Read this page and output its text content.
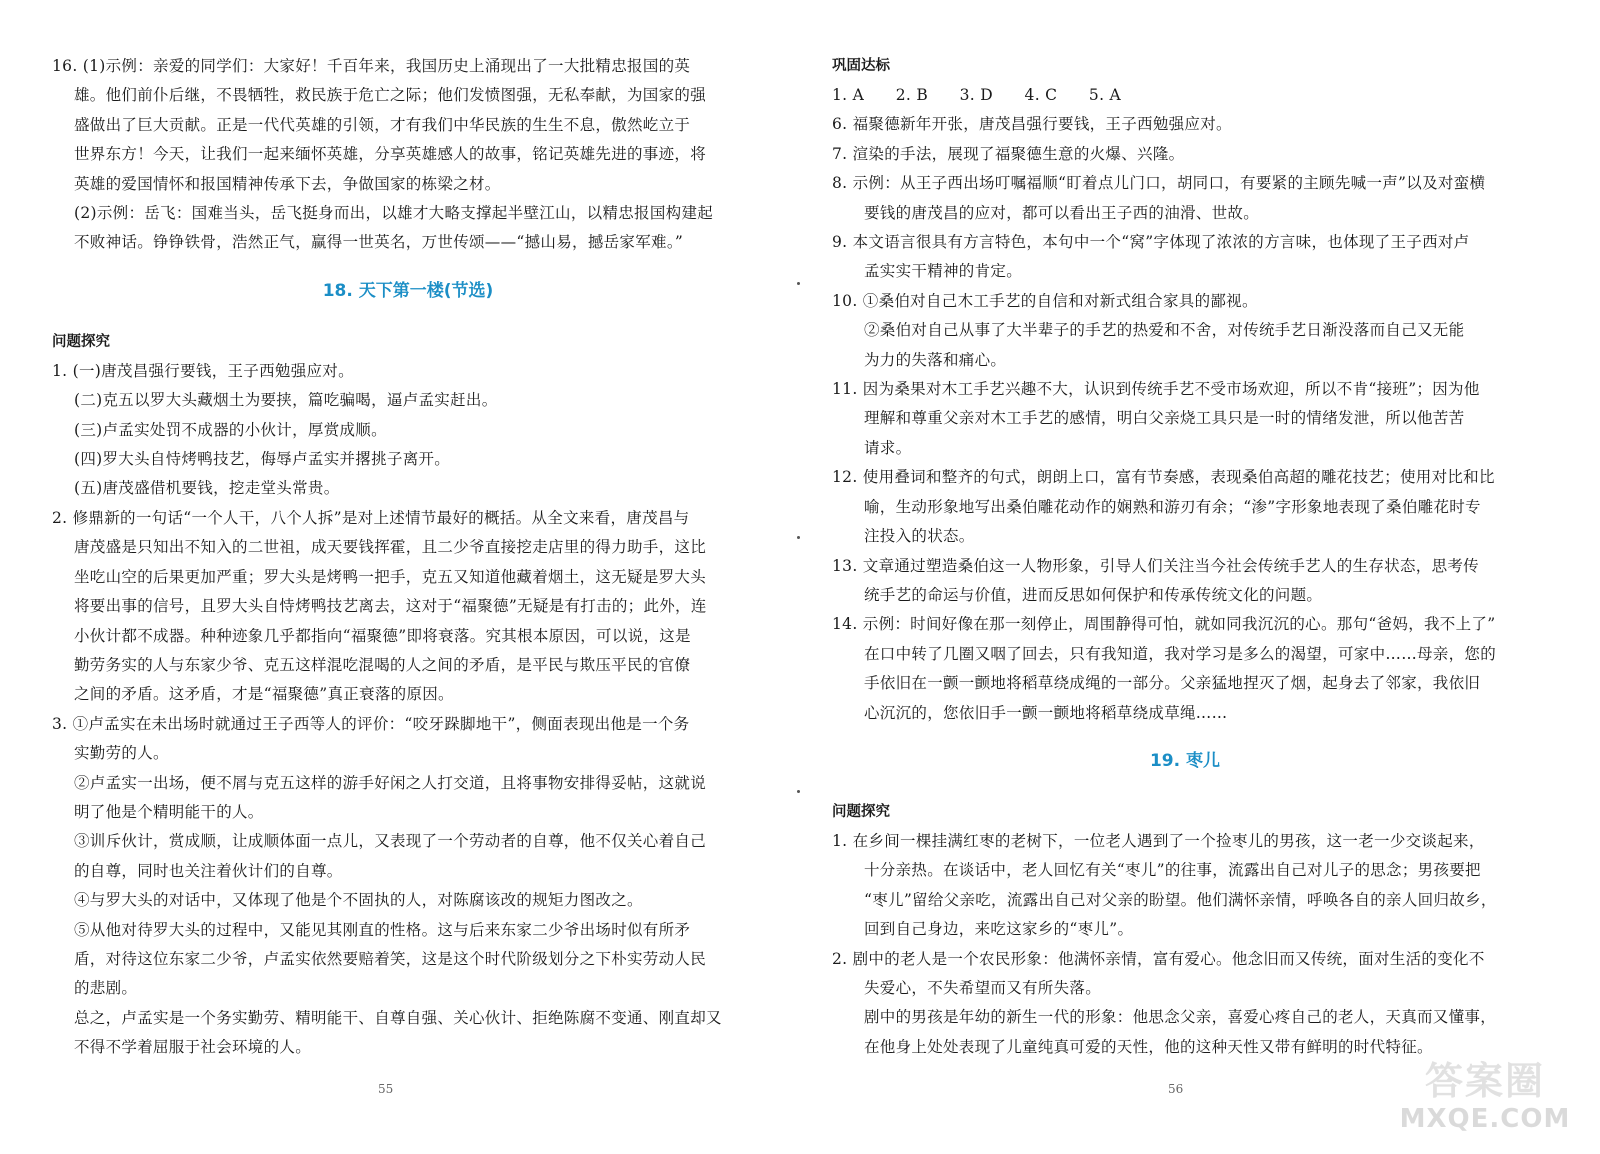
16. (1)示例：亲爱的同学们：大家好！千百年来，我国历史上涌现出了一大批精忠报国的英
雄。他们前仆后继，不畏牺牲，救民族于危亡之际；他们发愤图强，无私奉献，为国家的强
盛做出了巨大贡献。正是一代代英雄的引领，才有我们中华民族的生生不息，傲然屹立于
世界东方！今天，让我们一起来缅怀英雄，分享英雄感人的故事，铭记英雄先进的事迹，将
英雄的爱国情怀和报国精神传承下去，争做国家的栋梁之材。
(2)示例：岳飞：国难当头，岳飞挺身而出，以雄才大略支撑起半壁江山，以精忠报国构建起
不败神话。铮铮铁骨，浩然正气，赢得一世英名，万世传颂——“撼山易，撼岳家军难。”
18. 天下第一楼(节选)
问题探究
1. (一)唐茂昌强行要钱，王子西勉强应对。
(二)克五以罗大头藏烟土为要挟，篇吃骗喝，逼卢孟实赶出。
(三)卢孟实处罚不成器的小伙计，厚赏成顺。
(四)罗大头自恃烤鸭技艺，侮辱卢孟实并撂挑子离开。
(五)唐茂盛借机要钱，挖走堂头常贵。
2. 修鼎新的一句话“一个人干，八个人拆”是对上述情节最好的概括。从全文来看，唐茂昌与
唐茂盛是只知出不知入的二世祖，成天要钱挥霍，且二少爷直接挖走店里的得力助手，这比
坐吃山空的后果更加严重；罗大头是烤鸭一把手，克五又知道他藏着烟土，这无疑是罗大头
将要出事的信号，且罗大头自恃烤鸭技艺离去，这对于“福聚德”无疑是有打击的；此外，连
小伙计都不成器。种种迹象几乎都指向“福聚德”即将衰落。究其根本原因，可以说，这是
勤劳务实的人与东家少爷、克五这样混吃混喝的人之间的矛盾，是平民与欺压平民的官僚
之间的矛盾。这矛盾，才是“福聚德”真正衰落的原因。
3. ①卢孟实在未出场时就通过王子西等人的评价：“咬牙跺脚地干”，侧面表现出他是一个务
实勤劳的人。
②卢孟实一出场，便不屑与克五这样的游手好闲之人打交道，且将事物安排得妥帖，这就说
明了他是个精明能干的人。
③训斥伙计，赏成顺，让成顺体面一点儿，又表现了一个劳动者的自尊，他不仅关心着自己
的自尊，同时也关注着伙计们的自尊。
④与罗大头的对话中，又体现了他是个不固执的人，对陈腐该改的规矩力图改之。
⑤从他对待罗大头的过程中，又能见其刚直的性格。这与后来东家二少爷出场时似有所矛
盾，对待这位东家二少爷，卢孟实依然要赔着笑，这是这个时代阶级划分之下朴实劳动人民
的悲剧。
总之，卢孟实是一个务实勤劳、精明能干、自尊自强、关心伙计、拒绝陈腐不变通、刚直却又
不得不学着屈服于社会环境的人。
巩固达标
1. A　　2. B　　3. D　　4. C　　5. A
6. 福聚德新年开张，唐茂昌强行要钱，王子西勉强应对。
7. 渲染的手法，展现了福聚德生意的火爆、兴隆。
8. 示例：从王子西出场叮嘱福顺“盯着点儿门口，胡同口，有要紧的主顾先喊一声”以及对蛮横
要钱的唐茂昌的应对，都可以看出王子西的油滑、世故。
9. 本文语言很具有方言特色，本句中一个“窝”字体现了浓浓的方言味，也体现了王子西对卢
孟实实干精神的肯定。
10. ①桑伯对自己木工手艺的自信和对新式组合家具的鄙视。
②桑伯对自己从事了大半辈子的手艺的热爱和不舍，对传统手艺日渐没落而自己又无能
为力的失落和痛心。
11. 因为桑果对木工手艺兴趣不大，认识到传统手艺不受市场欢迎，所以不肯“接班”；因为他
理解和尊重父亲对木工手艺的感情，明白父亲烧工具只是一时的情绪发泄，所以他苦苦
请求。
12. 使用叠词和整齐的句式，朗朗上口，富有节奏感，表现桑伯高超的雕花技艺；使用对比和比
喻，生动形象地写出桑伯雕花动作的娴熟和游刃有余；“渗”字形象地表现了桑伯雕花时专
注投入的状态。
13. 文章通过塑造桑伯这一人物形象，引导人们关注当今社会传统手艺人的生存状态，思考传
统手艺的命运与价值，进而反思如何保护和传承传统文化的问题。
14. 示例：时间好像在那一刻停止，周围静得可怕，就如同我沉沉的心。那句“爸妈，我不上了”
在口中转了几圈又咽了回去，只有我知道，我对学习是多么的渴望，可家中……母亲，您的
手依旧在一颤一颤地将稻草绕成绳的一部分。父亲猛地捏灭了烟，起身去了邻家，我依旧
心沉沉的，您依旧手一颤一颤地将稻草绕成草绳……
19. 枣儿
问题探究
1. 在乡间一棵挂满红枣的老树下，一位老人遇到了一个捡枣儿的男孩，这一老一少交谈起来，
十分亲热。在谈话中，老人回忆有关“枣儿”的往事，流露出自己对儿子的思念；男孩要把
“枣儿”留给父亲吃，流露出自己对父亲的盼望。他们满怀亲情，呼唤各自的亲人回归故乡，
回到自己身边，来吃这家乡的“枣儿”。
2. 剧中的老人是一个农民形象：他满怀亲情，富有爱心。他念旧而又传统，面对生活的变化不
失爱心，不失希望而又有所失落。
剧中的男孩是年幼的新生一代的形象：他思念父亲，喜爱心疼自己的老人，天真而又懂事，
在他身上处处表现了儿童纯真可爱的天性，他的这种天性又带有鲜明的时代特征。
55	56	答案圈
MXQE.COM
